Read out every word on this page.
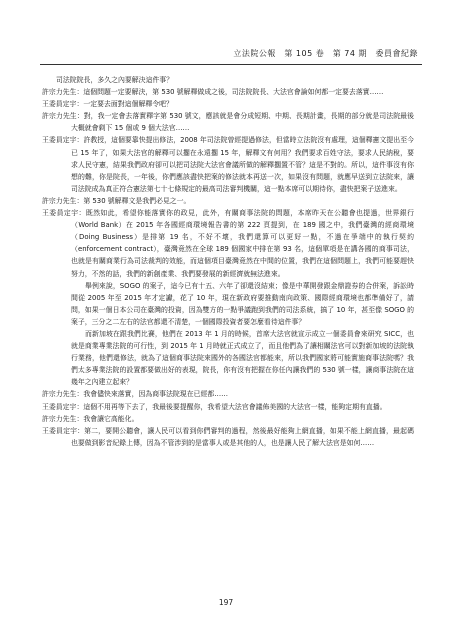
立法院公報　第 105 卷　第 74 期　委員會紀錄

司法院院長，多久之內要解決這件事？

許宗力先生：這個問題一定要解決，第 530 號解釋做成之後，司法院院長、大法官會論如何都一定要去落實……

王委員定宇：一定要去面對這個解釋令吧？

許宗力先生：對，我一定會去落實釋字第 530 號文，應該就是會分成短期、中期、長期計畫，長期的部分就是司法院最後大概就會剩下 15 個或 9 個大法官……

王委員定宇：許教授，這個要靠快提出修法，2008 年司法院曾經提過修法，但當時立法院沒有處理，這個釋憲文提出至今已 15 年了，如果大法官的解釋可以擱在永遠擱 15 年，解釋文有何用？我們要求百姓守法，要求人民納稅，要求人民守憲，結果我們政府卻可以把司法院大法官會議所做的解釋擱置不管？這是不對的。所以，這件事沒有你想的難，你是院長，一年後，你們應該盡快把案的修法就本再送一次，如果沒有問題，就應早送到立法院來，讓司法院成為真正符合憲法第七十七條規定的最高司法審判機關，這一點本席可以期待你，盡快把案子送進來。

許宗力先生：第 530 號解釋文是我們必見之一。

王委員定宇：既然如此，希望你能落實你的政見，此外，有關商事法院的問題，本席昨天在公聽會也提過，世界銀行（World Bank）在 2015 年各國經商環境報告書的第 222 頁提到，在 189 國之中，我們臺灣的經商環境（Doing Business）是排第 19 名，不好不壞，我們還算可以更好一點，不過在爭端中的執行契約（enforcement contract），臺灣竟然在全球 189 個國家中排在第 93 名，這個單項是在講各國的商事司法，也就是有關商業行為司法裁判的效能，而這個項目臺灣竟然在中間的位置，我們在這個問題上，我們可能要趕快努力，不然的話，我們的新創產業、我們要發展的新經濟就無法進來。

舉例來說，SOGO 的案子，這今已有十五、六年了卻還沒結束；像是中華開發跟金鼎證券的合併案，訴訟時間從 2005 年至 2015 年才定讞，花了 10 年，現在新政府要推動南向政策、國際經商環境也都準備好了，請問，如果一個日本公司在臺灣的投資，因為雙方的一點爭議跑到我們的司法系統，搞了 10 年，甚至像 SOGO 的案子，三分之二左右的法官都還不清楚，一個國際投資者要怎麼看待這件事？

而新加坡在跟我們比賽，他們在 2013 年 1 月的時候，首席大法官就宣示成立一個委員會來研究 SICC，也就是商業專業法院的可行性，到 2015 年 1 月時就正式成立了，而且他們為了讓相關法官可以對新加坡的法院執行業務，他們還修法，就為了這個商事法院來國外的各國法官都能來，所以我們國家將可能實施商事法院嗎？我們太多專業法院的設置都要做出好的表現，院長，你有沒有把握在你任內讓我們的 530 號一樣，讓商事法院在這幾年之內建立起來？

許宗力先生：我會儘快來落實，因為商事法院現在已經都……

王委員定宇：這個不用再等下去了，我最後要提醒你，我希望大法官會議佈美國的大法官一樣，能夠定期有直播。

許宗力先生：我會讓它高能化。

王委員定宇：第二，要開公聽會，讓人民可以看到你們審判的過程，然後最好能夠上網直播，如果不能上網直播，最起碼也要做到影音紀錄上傳，因為不管涉到的是當事人或是其他的人，也是讓人民了解大法官是如何……

197
